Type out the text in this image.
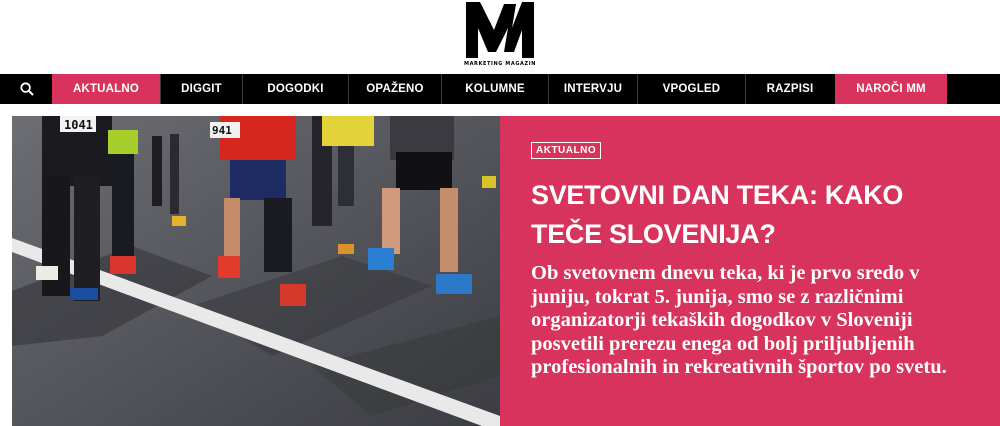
MARKETING MAGAZIN
AKTUALNO	DIGGIT	DOGODKI	OPAŽENO	KOLUMNE	INTERVJU	VPOGLED	RAZPISI	NAROČI MM
1041	941
AKTUALNO
SVETOVNI DAN TEKA: KAKO TEČE SLOVENIJA?
Ob svetovnem dnevu teka, ki je prvo sredo v juniju, tokrat 5. junija, smo se z različnimi organizatorji tekaških dogodkov v Sloveniji posvetili prerezu enega od bolj priljubljenih profesionalnih in rekreativnih športov po svetu.
